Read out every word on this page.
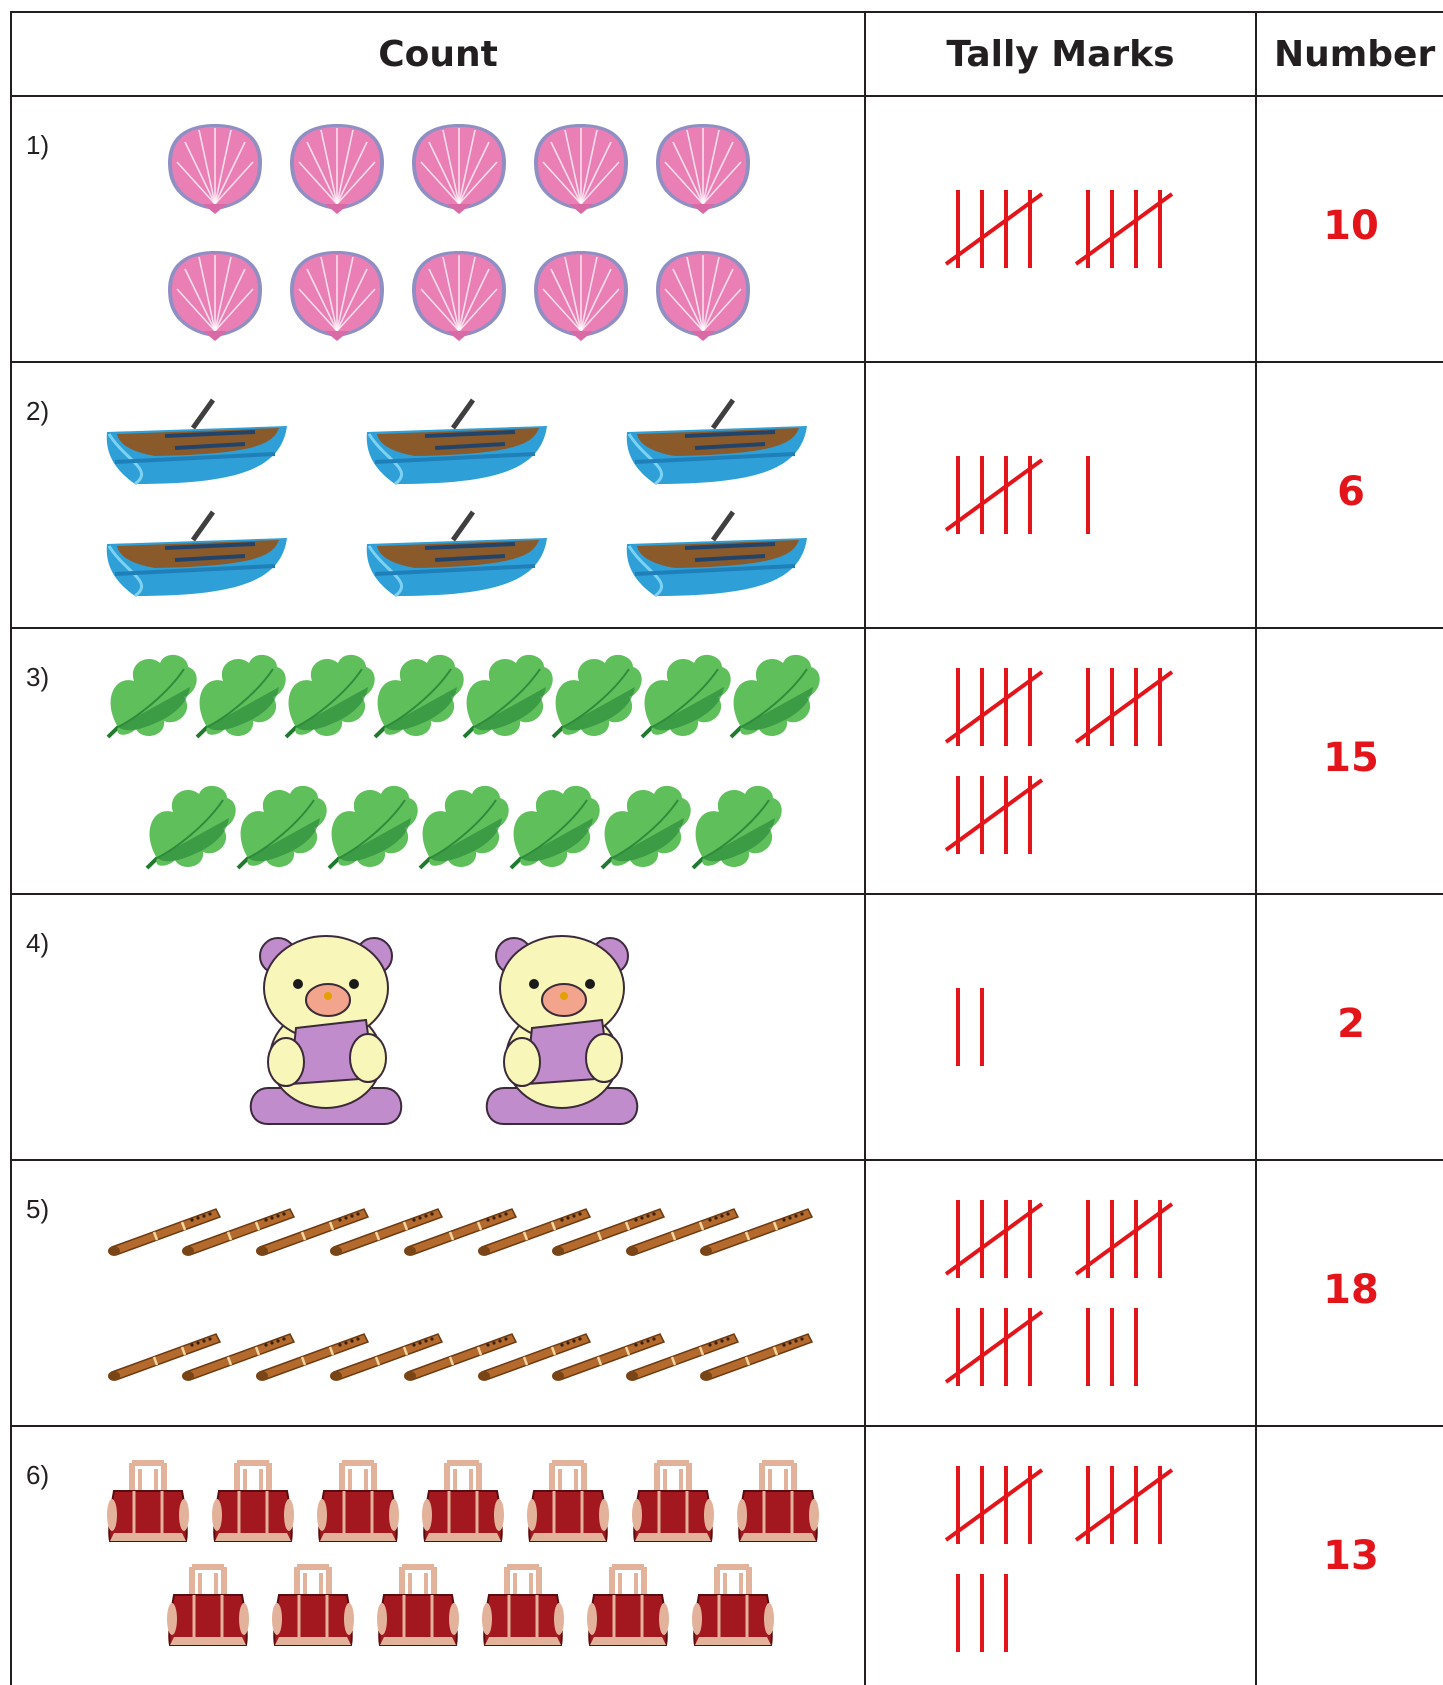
Count	Tally Marks	Number
1)
2)
3)
4)
5)
6)
10
6
15
2
18
13
